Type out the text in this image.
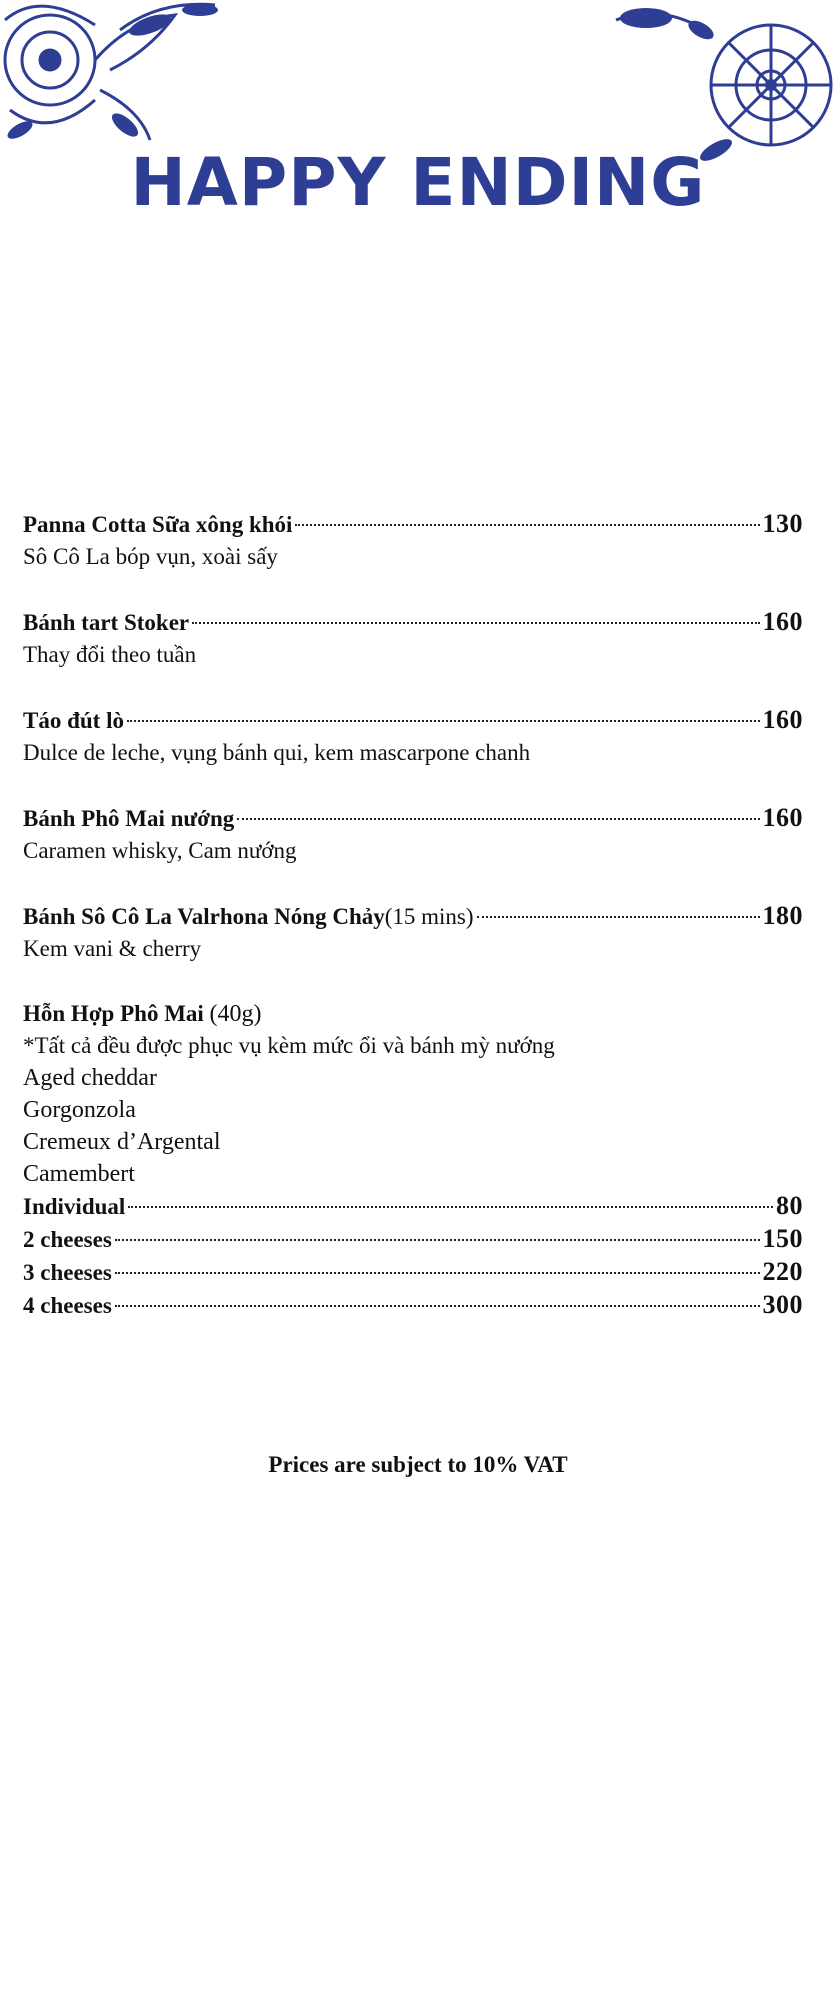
HAPPY ENDING
Panna Cotta Sữa xông khói	130
Sô Cô La bóp vụn, xoài sấy
Bánh tart Stoker	160
Thay đổi theo tuần
Táo đút lò	160
Dulce de leche, vụng bánh qui, kem mascarpone chanh
Bánh Phô Mai nướng	160
Caramen whisky, Cam nướng
Bánh Sô Cô La Valrhona Nóng Chảy(15 mins)	180
Kem vani & cherry
Hỗn Hợp Phô Mai (40g)
*Tất cả đều được phục vụ kèm mức ổi và bánh mỳ nướng
Aged cheddar
Gorgonzola
Cremeux d’Argental
Camembert
Individual	80
2 cheeses	150
3 cheeses	220
4 cheeses	300
Prices are subject to 10% VAT
